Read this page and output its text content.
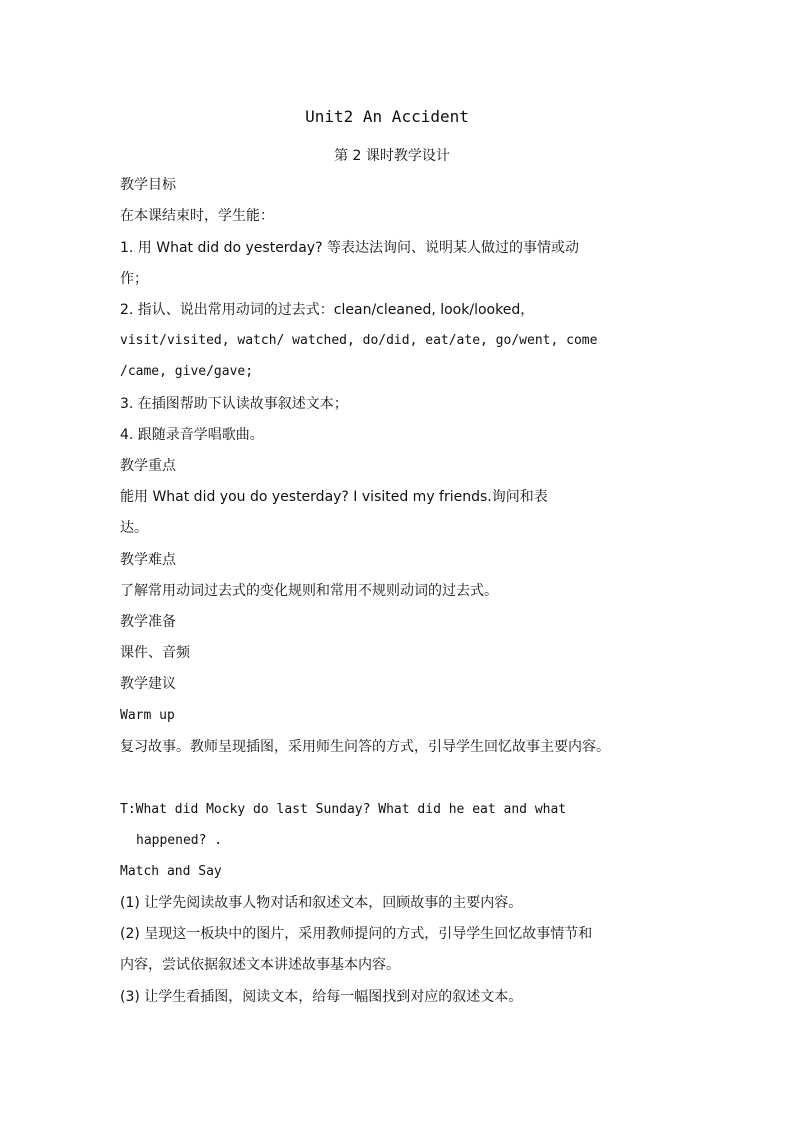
Unit2 An Accident
第 2 课时教学设计
教学目标
在本课结束时，学生能：
1. 用 What did do yesterday? 等表达法询问、说明某人做过的事情或动
作；
2. 指认、说出常用动词的过去式：clean/cleaned, look/looked，
visit/visited, watch/ watched, do/did, eat/ate, go/went, come
/came, give/gave;
3. 在插图帮助下认读故事叙述文本；
4. 跟随录音学唱歌曲。
教学重点
能用 What did you do yesterday? I visited my friends.询问和表
达。
教学难点
了解常用动词过去式的变化规则和常用不规则动词的过去式。
教学准备
课件、音频
教学建议
Warm up
复习故事。教师呈现插图，采用师生问答的方式，引导学生回忆故事主要内容。
T:What did Mocky do last Sunday? What did he eat and what
happened? .
Match and Say
(1) 让学先阅读故事人物对话和叙述文本，回顾故事的主要内容。
(2) 呈现这一板块中的图片，采用教师提问的方式，引导学生回忆故事情节和
内容，尝试依据叙述文本讲述故事基本内容。
(3) 让学生看插图，阅读文本，给每一幅图找到对应的叙述文本。
